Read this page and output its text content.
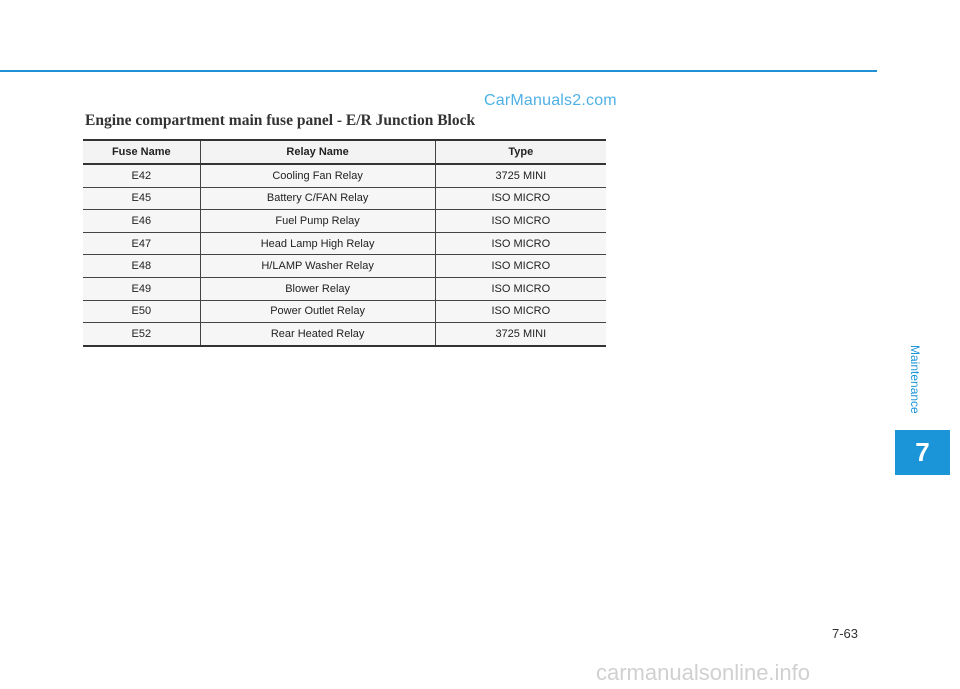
CarManuals2.com
Engine compartment main fuse panel - E/R Junction Block
Fuse Name	Relay Name	Type
E42	Cooling Fan Relay	3725 MINI
E45	Battery C/FAN Relay	ISO MICRO
E46	Fuel Pump Relay	ISO MICRO
E47	Head Lamp High Relay	ISO MICRO
E48	H/LAMP Washer Relay	ISO MICRO
E49	Blower Relay	ISO MICRO
E50	Power Outlet Relay	ISO MICRO
E52	Rear Heated Relay	3725 MINI
Maintenance
7
7-63
carmanualsonline.info
